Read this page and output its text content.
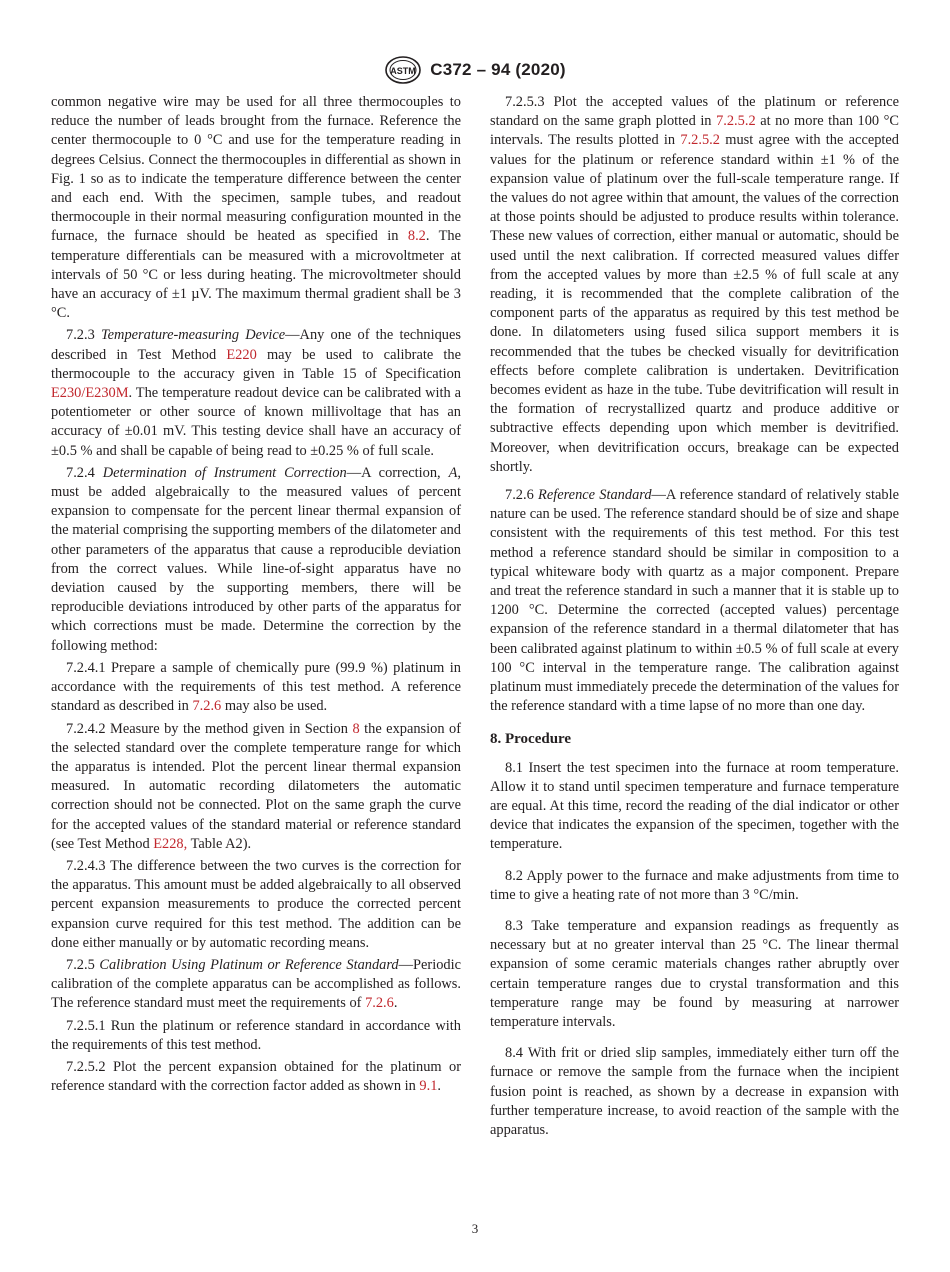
ASTM C372 – 94 (2020)

common negative wire may be used for all three thermocouples to reduce the number of leads brought from the furnace. Reference the center thermocouple to 0 °C and use for the temperature reading in degrees Celsius. Connect the thermocouples in differential as shown in Fig. 1 so as to indicate the temperature difference between the center and each end. With the specimen, sample tubes, and readout thermocouple in their normal measuring configuration mounted in the furnace, the furnace should be heated as specified in 8.2. The temperature differentials can be measured with a microvoltmeter at intervals of 50 °C or less during heating. The microvoltmeter should have an accuracy of ±1 µV. The maximum thermal gradient shall be 3 °C.

7.2.3 Temperature-measuring Device—Any one of the techniques described in Test Method E220 may be used to calibrate the thermocouple to the accuracy given in Table 15 of Specification E230/E230M. The temperature readout device can be calibrated with a potentiometer or other source of known millivoltage that has an accuracy of ±0.01 mV. This testing device shall have an accuracy of ±0.5 % and shall be capable of being read to ±0.25 % of full scale.

7.2.4 Determination of Instrument Correction—A correction, A, must be added algebraically to the measured values of percent expansion to compensate for the percent linear thermal expansion of the material comprising the supporting members of the dilatometer and other parameters of the apparatus that cause a reproducible deviation from the correct values. While line-of-sight apparatus have no deviation caused by the supporting members, there will be reproducible deviations introduced by other parts of the apparatus for which corrections must be made. Determine the correction by the following method:

7.2.4.1 Prepare a sample of chemically pure (99.9 %) platinum in accordance with the requirements of this test method. A reference standard as described in 7.2.6 may also be used.

7.2.4.2 Measure by the method given in Section 8 the expansion of the selected standard over the complete temperature range for which the apparatus is intended. Plot the percent linear thermal expansion measured. In automatic recording dilatometers the automatic correction should not be connected. Plot on the same graph the curve for the accepted values of the standard material or reference standard (see Test Method E228, Table A2).

7.2.4.3 The difference between the two curves is the correction for the apparatus. This amount must be added algebraically to all observed percent expansion measurements to produce the corrected percent expansion curve required for this test method. The addition can be done either manually or by automatic recording means.

7.2.5 Calibration Using Platinum or Reference Standard—Periodic calibration of the complete apparatus can be accomplished as follows. The reference standard must meet the requirements of 7.2.6.

7.2.5.1 Run the platinum or reference standard in accordance with the requirements of this test method.

7.2.5.2 Plot the percent expansion obtained for the platinum or reference standard with the correction factor added as shown in 9.1.

7.2.5.3 Plot the accepted values of the platinum or reference standard on the same graph plotted in 7.2.5.2 at no more than 100 °C intervals. The results plotted in 7.2.5.2 must agree with the accepted values for the platinum or reference standard within ±1 % of the expansion value of platinum over the full-scale temperature range. If the values do not agree within that amount, the values of the correction at those points should be adjusted to produce results within tolerance. These new values of correction, either manual or automatic, should be used until the next calibration. If corrected measured values differ from the accepted values by more than ±2.5 % of full scale at any reading, it is recommended that the complete calibration of the component parts of the apparatus as required by this test method be done. In dilatometers using fused silica support members it is recommended that the tubes be checked visually for devitrification effects before complete calibration is undertaken. Devitrification becomes evident as haze in the tube. Tube devitrification will result in the formation of recrystallized quartz and produce additive or subtractive effects depending upon which member is devitrified. Moreover, when devitrification occurs, breakage can be expected shortly.

7.2.6 Reference Standard—A reference standard of relatively stable nature can be used. The reference standard should be of size and shape consistent with the requirements of this test method. For this test method a reference standard should be similar in composition to a typical whiteware body with quartz as a major component. Prepare and treat the reference standard in such a manner that it is stable up to 1200 °C. Determine the corrected (accepted values) percentage expansion of the reference standard in a thermal dilatometer that has been calibrated against platinum to within ±0.5 % of full scale at every 100 °C interval in the temperature range. The calibration against platinum must immediately precede the determination of the values for the reference standard with a time lapse of no more than one day.

8. Procedure

8.1 Insert the test specimen into the furnace at room temperature. Allow it to stand until specimen temperature and furnace temperature are equal. At this time, record the reading of the dial indicator or other device that indicates the expansion of the specimen, together with the temperature.

8.2 Apply power to the furnace and make adjustments from time to time to give a heating rate of not more than 3 °C/min.

8.3 Take temperature and expansion readings as frequently as necessary but at no greater interval than 25 °C. The linear thermal expansion of some ceramic materials changes rather abruptly over certain temperature ranges due to crystal transformation and this temperature range may be found by measuring at narrower temperature intervals.

8.4 With frit or dried slip samples, immediately either turn off the furnace or remove the sample from the furnace when the incipient fusion point is reached, as shown by a decrease in expansion with further temperature increase, to avoid reaction of the sample with the apparatus.

3
